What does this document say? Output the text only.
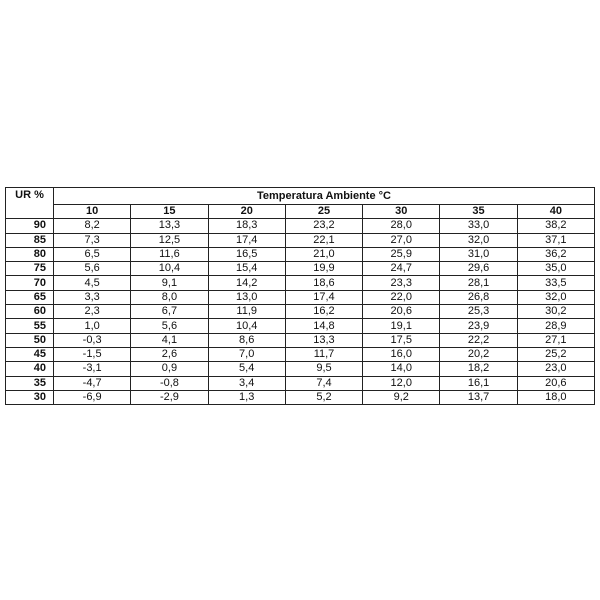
UR %	Temperatura Ambiente °C						
	10	15	20	25	30	35	40
90	8,2	13,3	18,3	23,2	28,0	33,0	38,2
85	7,3	12,5	17,4	22,1	27,0	32,0	37,1
80	6,5	11,6	16,5	21,0	25,9	31,0	36,2
75	5,6	10,4	15,4	19,9	24,7	29,6	35,0
70	4,5	9,1	14,2	18,6	23,3	28,1	33,5
65	3,3	8,0	13,0	17,4	22,0	26,8	32,0
60	2,3	6,7	11,9	16,2	20,6	25,3	30,2
55	1,0	5,6	10,4	14,8	19,1	23,9	28,9
50	-0,3	4,1	8,6	13,3	17,5	22,2	27,1
45	-1,5	2,6	7,0	11,7	16,0	20,2	25,2
40	-3,1	0,9	5,4	9,5	14,0	18,2	23,0
35	-4,7	-0,8	3,4	7,4	12,0	16,1	20,6
30	-6,9	-2,9	1,3	5,2	9,2	13,7	18,0
